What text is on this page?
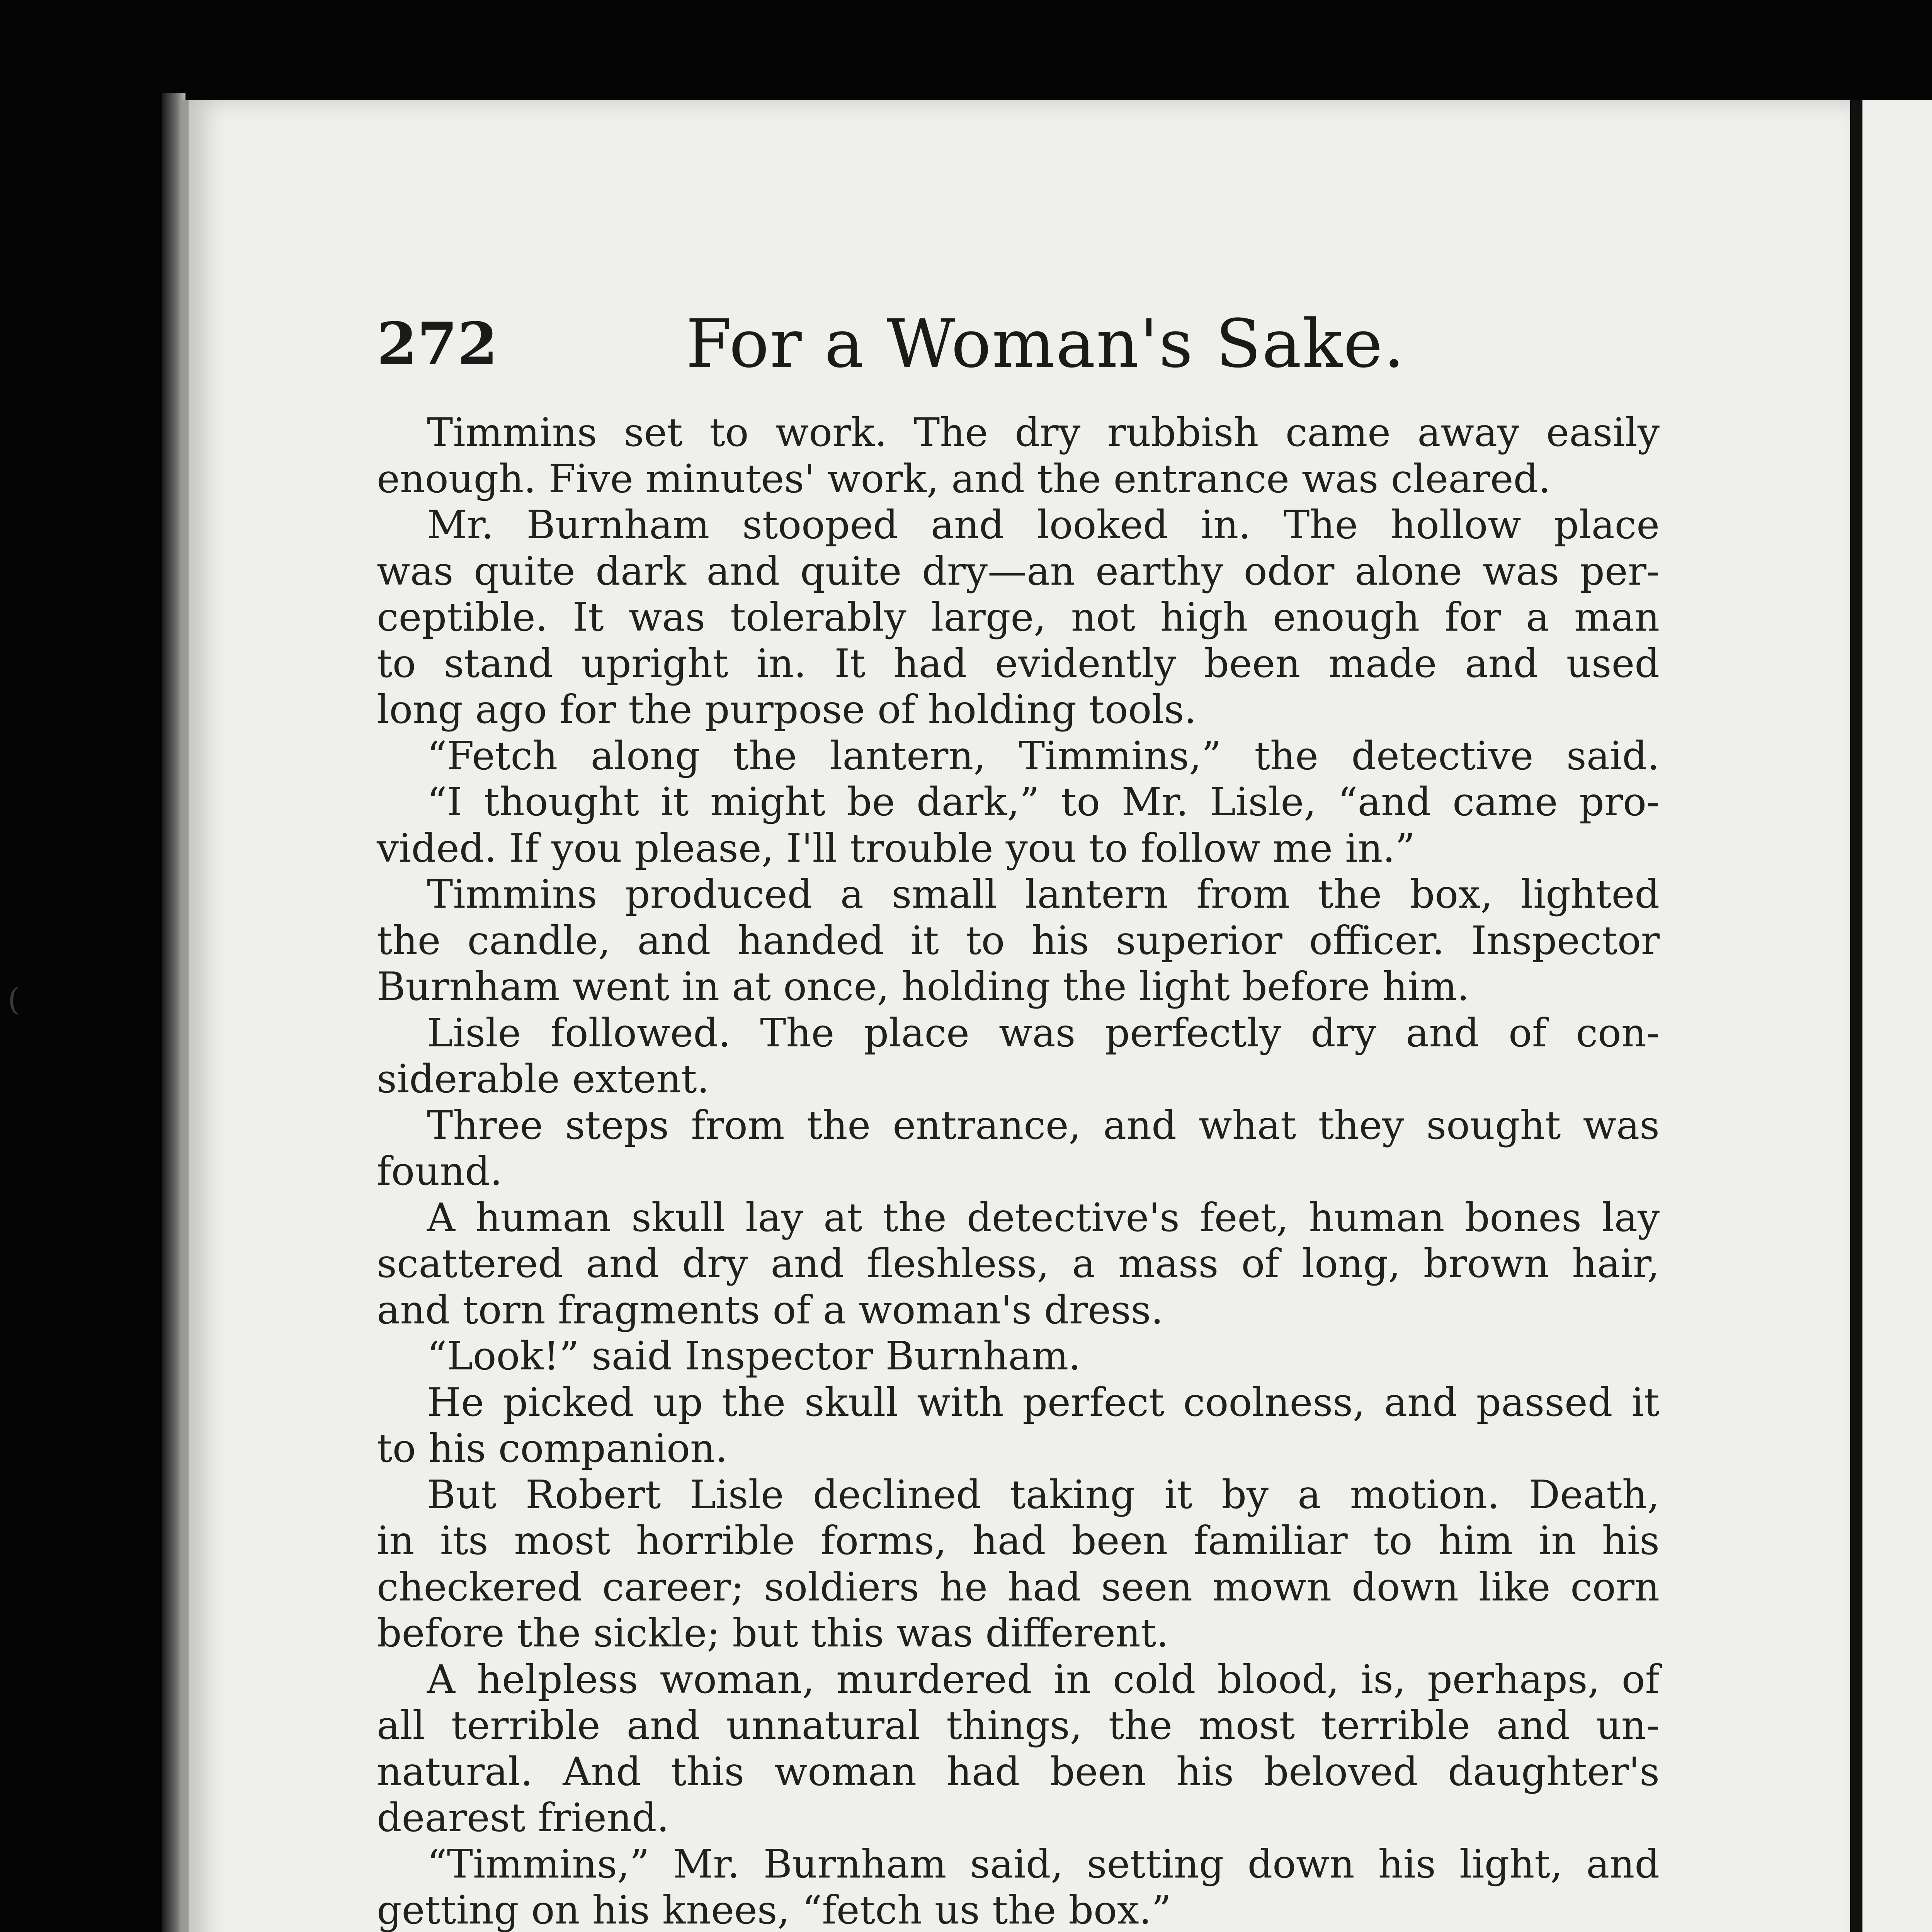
272	For a Woman's Sake.
Timmins set to work. The dry rubbish came away easily
enough. Five minutes' work, and the entrance was cleared.
Mr. Burnham stooped and looked in. The hollow place
was quite dark and quite dry—an earthy odor alone was per-
ceptible. It was tolerably large, not high enough for a man
to stand upright in. It had evidently been made and used
long ago for the purpose of holding tools.
“Fetch along the lantern, Timmins,” the detective said.
“I thought it might be dark,” to Mr. Lisle, “and came pro-
vided. If you please, I'll trouble you to follow me in.”
Timmins produced a small lantern from the box, lighted
the candle, and handed it to his superior officer. Inspector
Burnham went in at once, holding the light before him.
Lisle followed. The place was perfectly dry and of con-
siderable extent.
Three steps from the entrance, and what they sought was
found.
A human skull lay at the detective's feet, human bones lay
scattered and dry and fleshless, a mass of long, brown hair,
and torn fragments of a woman's dress.
“Look!” said Inspector Burnham.
He picked up the skull with perfect coolness, and passed it
to his companion.
But Robert Lisle declined taking it by a motion. Death,
in its most horrible forms, had been familiar to him in his
checkered career; soldiers he had seen mown down like corn
before the sickle; but this was different.
A helpless woman, murdered in cold blood, is, perhaps, of
all terrible and unnatural things, the most terrible and un-
natural. And this woman had been his beloved daughter's
dearest friend.
“Timmins,” Mr. Burnham said, setting down his light, and
getting on his knees, “fetch us the box.”
(
